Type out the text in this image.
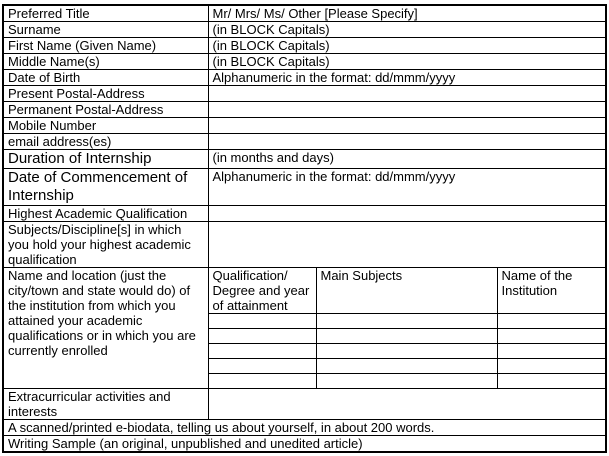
Preferred Title	Mr/ Mrs/ Ms/ Other [Please Specify]		
Surname	(in BLOCK Capitals)		
First Name (Given Name)	(in BLOCK Capitals)		
Middle Name(s)	(in BLOCK Capitals)		
Date of Birth	Alphanumeric in the format: dd/mmm/yyyy		
Present Postal-Address			
Permanent Postal-Address			
Mobile Number			
email address(es)			
Duration of Internship	(in months and days)		
Date of Commencement of Internship	Alphanumeric in the format: dd/mmm/yyyy		
Highest Academic Qualification			
Subjects/Discipline[s] in which you hold your highest academic qualification			
Name and location (just the city/town and state would do) of the institution from which you attained your academic qualifications or in which you are currently enrolled	Qualification/ Degree and year of attainment	Main Subjects	Name of the Institution

Extracurricular activities and interests			
A scanned/printed e-biodata, telling us about yourself, in about 200 words.			
Writing Sample (an original, unpublished and unedited article)			
